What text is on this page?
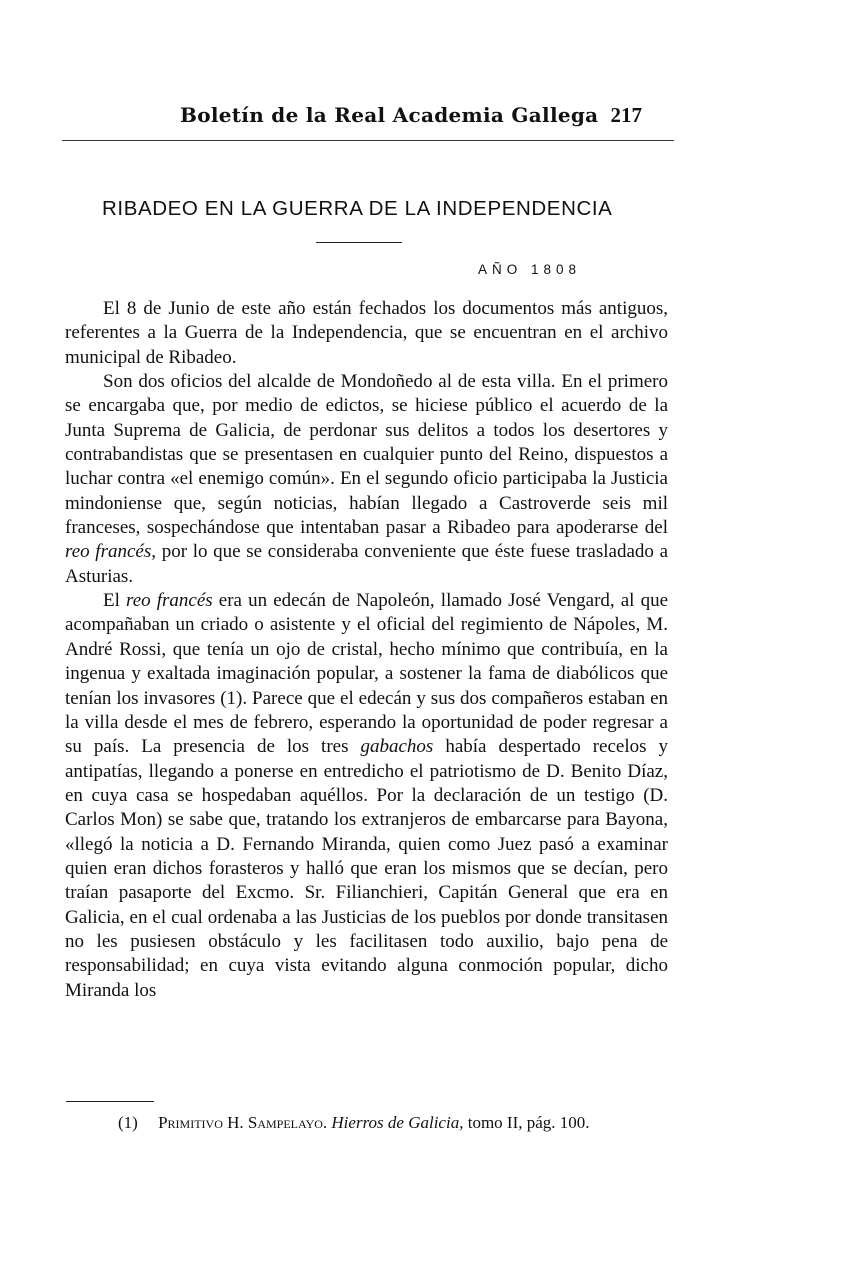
Boletín de la Real Academia Gallega 217
RIBADEO EN LA GUERRA DE LA INDEPENDENCIA
AÑO 1808

El 8 de Junio de este año están fechados los documentos más antiguos, referentes a la Guerra de la Independencia, que se encuentran en el archivo municipal de Ribadeo.

Son dos oficios del alcalde de Mondoñedo al de esta villa. En el primero se encargaba que, por medio de edictos, se hiciese público el acuerdo de la Junta Suprema de Galicia, de perdonar sus delitos a todos los desertores y contrabandistas que se presentasen en cualquier punto del Reino, dispuestos a luchar contra «el enemigo común». En el segundo oficio participaba la Justicia mindoniense que, según noticias, habían llegado a Castroverde seis mil franceses, sospechándose que intentaban pasar a Ribadeo para apoderarse del reo francés, por lo que se consideraba conveniente que éste fuese trasladado a Asturias.

El reo francés era un edecán de Napoleón, llamado José Vengard, al que acompañaban un criado o asistente y el oficial del regimiento de Nápoles, M. André Rossi, que tenía un ojo de cristal, hecho mínimo que contribuía, en la ingenua y exaltada imaginación popular, a sostener la fama de diabólicos que tenían los invasores (1). Parece que el edecán y sus dos compañeros estaban en la villa desde el mes de febrero, esperando la oportunidad de poder regresar a su país. La presencia de los tres gabachos había despertado recelos y antipatías, llegando a ponerse en entredicho el patriotismo de D. Benito Díaz, en cuya casa se hospedaban aquéllos. Por la declaración de un testigo (D. Carlos Mon) se sabe que, tratando los extranjeros de embarcarse para Bayona, «llegó la noticia a D. Fernando Miranda, quien como Juez pasó a examinar quien eran dichos forasteros y halló que eran los mismos que se decían, pero traían pasaporte del Excmo. Sr. Filianchieri, Capitán General que era en Galicia, en el cual ordenaba a las Justicias de los pueblos por donde transitasen no les pusiesen obstáculo y les facilitasen todo auxilio, bajo pena de responsabilidad; en cuya vista evitando alguna conmoción popular, dicho Miranda los

(1) Primitivo H. Sampelayo. Hierros de Galicia, tomo II, pág. 100.
